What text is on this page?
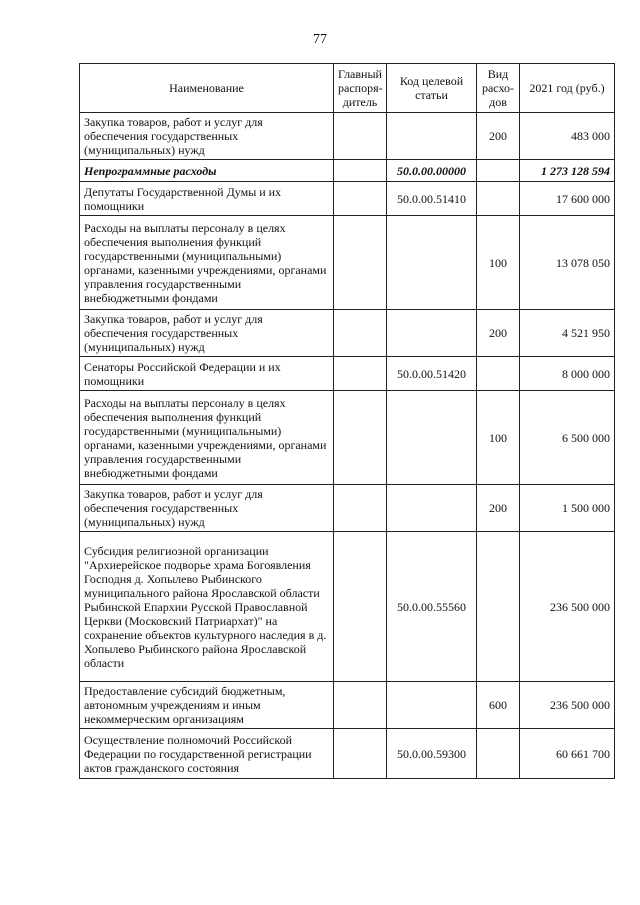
77
Наименование	Главный распоря-дитель	Код целевой статьи	Вид расхо-дов	2021 год (руб.)
Закупка товаров, работ и услуг для обеспечения государственных (муниципальных) нужд			200	483 000
Непрограммные расходы		50.0.00.00000		1 273 128 594
Депутаты Государственной Думы и их помощники		50.0.00.51410		17 600 000
Расходы на выплаты персоналу в целях обеспечения выполнения функций государственными (муниципальными) органами, казенными учреждениями, органами управления государственными внебюджетными фондами			100	13 078 050
Закупка товаров, работ и услуг для обеспечения государственных (муниципальных) нужд			200	4 521 950
Сенаторы Российской Федерации и их помощники		50.0.00.51420		8 000 000
Расходы на выплаты персоналу в целях обеспечения выполнения функций государственными (муниципальными) органами, казенными учреждениями, органами управления государственными внебюджетными фондами			100	6 500 000
Закупка товаров, работ и услуг для обеспечения государственных (муниципальных) нужд			200	1 500 000
Субсидия религиозной организации "Архиерейское подворье храма Богоявления Господня д. Хопылево Рыбинского муниципального района Ярославской области Рыбинской Епархии Русской Православной Церкви (Московский Патриархат)" на сохранение объектов культурного наследия в д. Хопылево Рыбинского района Ярославской области		50.0.00.55560		236 500 000
Предоставление субсидий бюджетным, автономным учреждениям и иным некоммерческим организациям			600	236 500 000
Осуществление полномочий Российской Федерации по государственной регистрации актов гражданского состояния		50.0.00.59300		60 661 700
